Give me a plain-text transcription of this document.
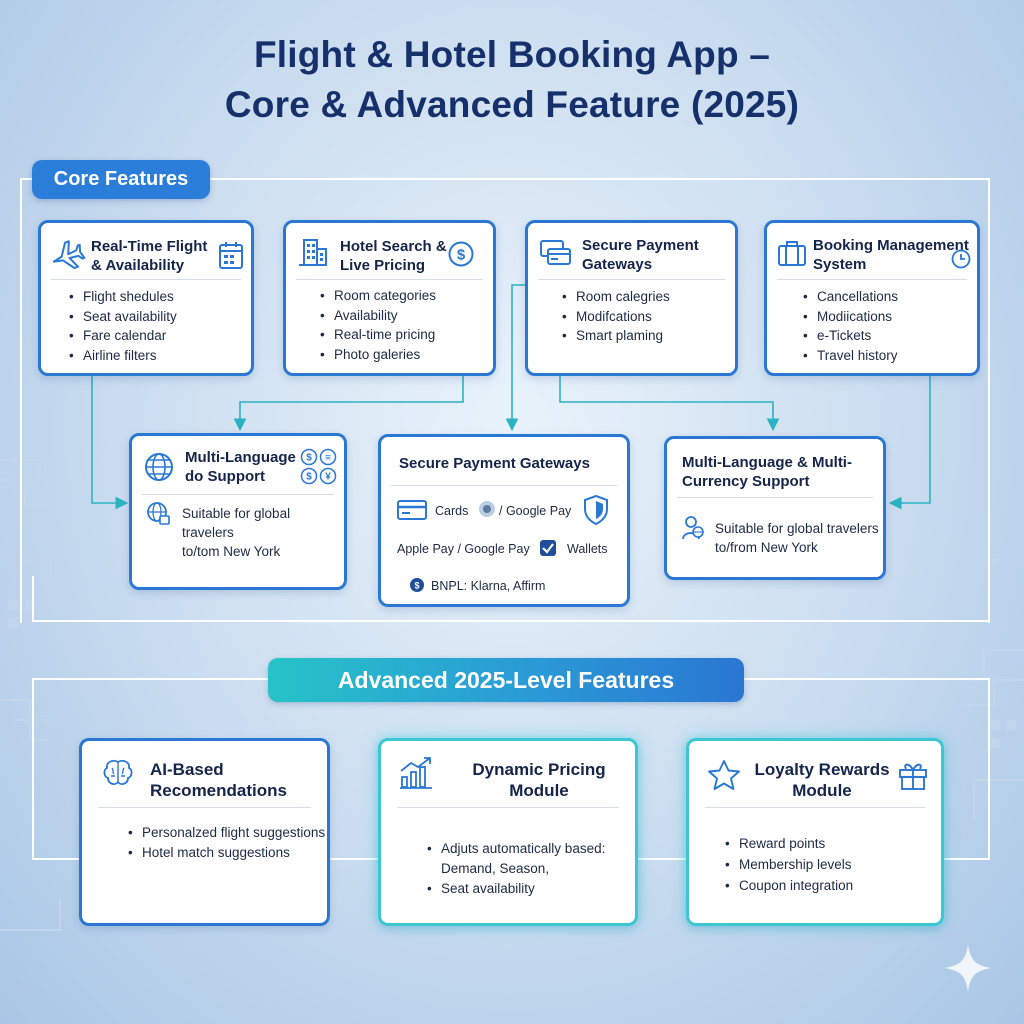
Flight & Hotel Booking App –
Core & Advanced Feature (2025)
Core Features
Real-Time Flight
& Availability
• Flight shedules
• Seat availability
• Fare calendar
• Airline filters
Hotel Search &
Live Pricing
$
• Room categories
• Availability
• Real-time pricing
• Photo galeries
Secure Payment
Gateways
• Room calegries
• Modifcations
• Smart plaming
Booking Management
System
• Cancellations
• Modiications
• e-Tickets
• Travel history
Multi-Language
do Support
$ ≡
$ ¥
Suitable for global travelers
to/tom New York
Secure Payment Gateways
Cards / Google Pay
Apple Pay / Google Pay	Wallets
$ BNPL: Klarna, Affirm
Multi-Language & Multi-
Currency Support
Suitable for global travelers
to/from New York
Advanced 2025-Level Features
AI-Based
Recomendations
• Personalzed flight suggestions
• Hotel match suggestions
Dynamic Pricing
Module
• Adjuts automatically based:
Demand, Season,
• Seat availability
Loyalty Rewards
Module
• Reward points
• Membership levels
• Coupon integration
